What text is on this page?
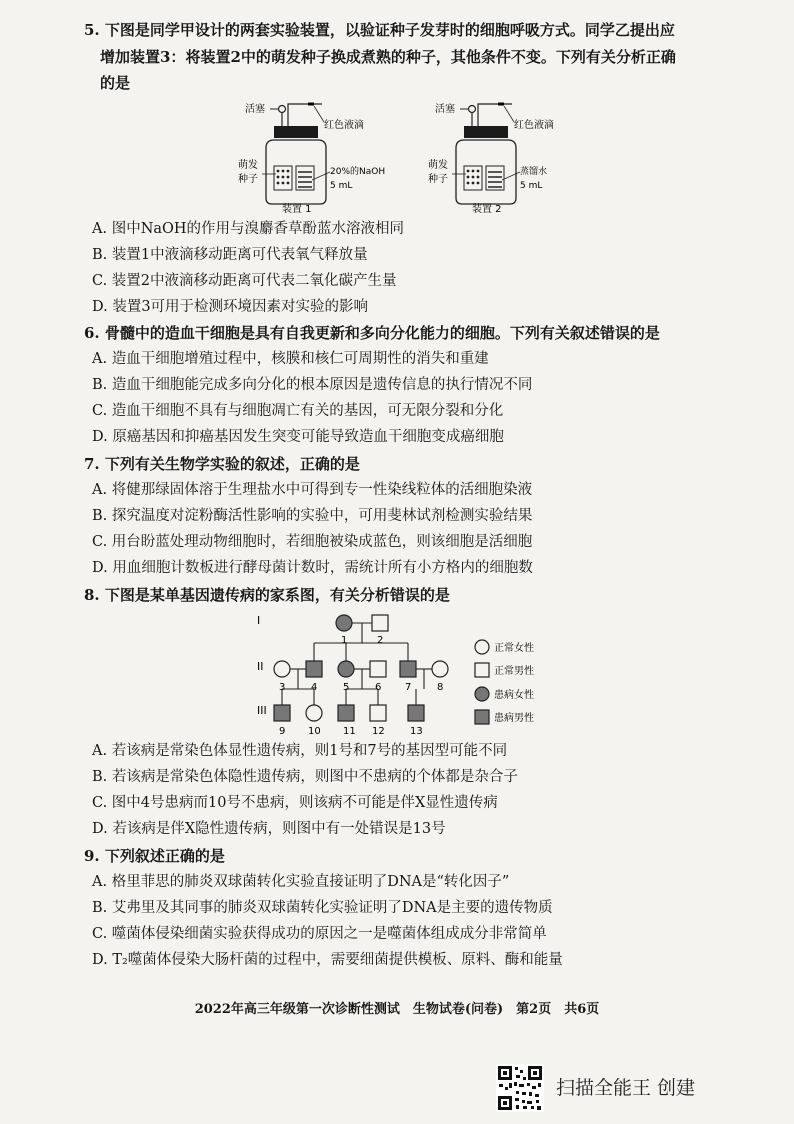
5. 下图是同学甲设计的两套实验装置，以验证种子发芽时的细胞呼吸方式。同学乙提出应
增加装置3：将装置2中的萌发种子换成煮熟的种子，其他条件不变。下列有关分析正确
的是
活塞
红色液滴
萌发
种子
20%的NaOH
5 mL
装置 1
活塞
红色液滴
萌发
种子
蒸馏水
5 mL
装置 2
A. 图中NaOH的作用与溴麝香草酚蓝水溶液相同
B. 装置1中液滴移动距离可代表氧气释放量
C. 装置2中液滴移动距离可代表二氧化碳产生量
D. 装置3可用于检测环境因素对实验的影响
6. 骨髓中的造血干细胞是具有自我更新和多向分化能力的细胞。下列有关叙述错误的是
A. 造血干细胞增殖过程中，核膜和核仁可周期性的消失和重建
B. 造血干细胞能完成多向分化的根本原因是遗传信息的执行情况不同
C. 造血干细胞不具有与细胞凋亡有关的基因，可无限分裂和分化
D. 原癌基因和抑癌基因发生突变可能导致造血干细胞变成癌细胞
7. 下列有关生物学实验的叙述，正确的是
A. 将健那绿固体溶于生理盐水中可得到专一性染线粒体的活细胞染液
B. 探究温度对淀粉酶活性影响的实验中，可用斐林试剂检测实验结果
C. 用台盼蓝处理动物细胞时，若细胞被染成蓝色，则该细胞是活细胞
D. 用血细胞计数板进行酵母菌计数时，需统计所有小方格内的细胞数
8. 下图是某单基因遗传病的家系图，有关分析错误的是
I
II
III
1	2
3	4	5	6 7	8
9 10 11 12	13
正常女性
正常男性
患病女性
患病男性
A. 若该病是常染色体显性遗传病，则1号和7号的基因型可能不同
B. 若该病是常染色体隐性遗传病，则图中不患病的个体都是杂合子
C. 图中4号患病而10号不患病，则该病不可能是伴X显性遗传病
D. 若该病是伴X隐性遗传病，则图中有一处错误是13号
9. 下列叙述正确的是
A. 格里菲思的肺炎双球菌转化实验直接证明了DNA是“转化因子”
B. 艾弗里及其同事的肺炎双球菌转化实验证明了DNA是主要的遗传物质
C. 噬菌体侵染细菌实验获得成功的原因之一是噬菌体组成成分非常简单
D. T₂噬菌体侵染大肠杆菌的过程中，需要细菌提供模板、原料、酶和能量
2022年高三年级第一次诊断性测试　生物试卷(问卷)　第2页　共6页
扫描全能王 创建
